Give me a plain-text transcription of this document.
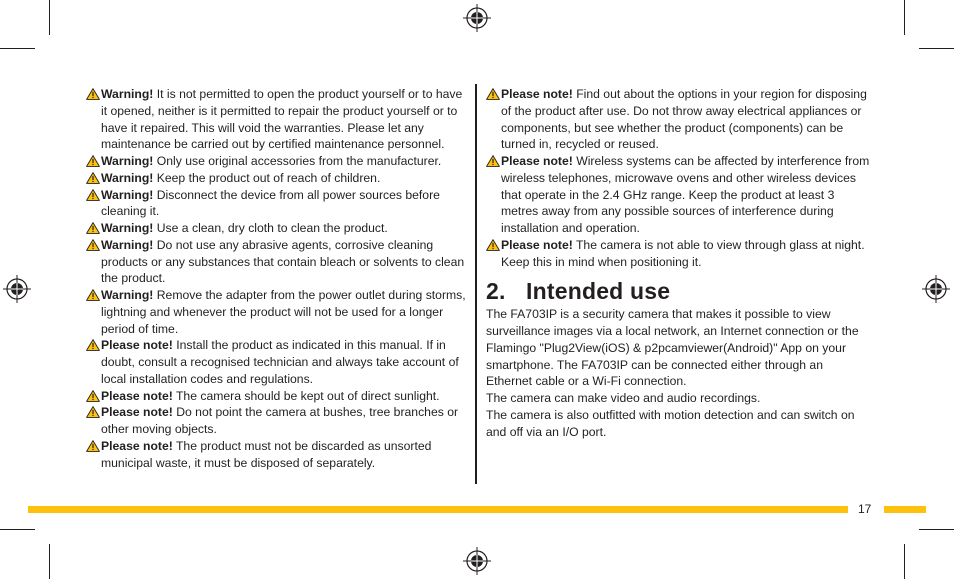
Warning! It is not permitted to open the product yourself or to have it opened, neither is it permitted to repair the product yourself or to have it repaired. This will void the warranties. Please let any maintenance be carried out by certified maintenance personnel.
Warning! Only use original accessories from the manufacturer.
Warning! Keep the product out of reach of children.
Warning! Disconnect the device from all power sources before cleaning it.
Warning! Use a clean, dry cloth to clean the product.
Warning! Do not use any abrasive agents, corrosive cleaning products or any substances that contain bleach or solvents to clean the product.
Warning! Remove the adapter from the power outlet during storms, lightning and whenever the product will not be used for a longer period of time.
Please note! Install the product as indicated in this manual. If in doubt, consult a recognised technician and always take account of local installation codes and regulations.
Please note! The camera should be kept out of direct sunlight.
Please note! Do not point the camera at bushes, tree branches or other moving objects.
Please note! The product must not be discarded as unsorted municipal waste, it must be disposed of separately.
Please note! Find out about the options in your region for disposing of the product after use. Do not throw away electrical appliances or components, but see whether the product (components) can be turned in, recycled or reused.
Please note! Wireless systems can be affected by interference from wireless telephones, microwave ovens and other wireless devices that operate in the 2.4 GHz range. Keep the product at least 3 metres away from any possible sources of interference during installation and operation.
Please note! The camera is not able to view through glass at night. Keep this in mind when positioning it.
2. Intended use

The FA703IP is a security camera that makes it possible to view surveillance images via a local network, an Internet connection or the Flamingo "Plug2View(iOS) & p2pcamviewer(Android)" App on your smartphone. The FA703IP can be connected either through an Ethernet cable or a Wi-Fi connection.

The camera can make video and audio recordings.

The camera is also outfitted with motion detection and can switch on and off via an I/O port.

17
